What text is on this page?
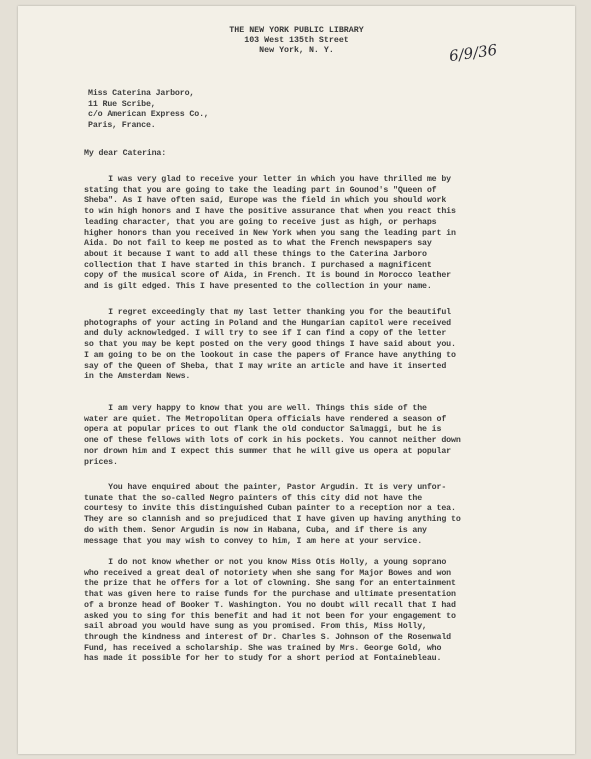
THE NEW YORK PUBLIC LIBRARY
103 West 135th Street
New York, N. Y.	6/9/36
Miss Caterina Jarboro,
11 Rue Scribe,
c/o American Express Co.,
Paris, France.
My dear Caterina:
I was very glad to receive your letter in which you have thrilled me by
stating that you are going to take the leading part in Gounod's "Queen of
Sheba". As I have often said, Europe was the field in which you should work
to win high honors and I have the positive assurance that when you react this
leading character, that you are going to receive just as high, or perhaps
higher honors than you received in New York when you sang the leading part in
Aida. Do not fail to keep me posted as to what the French newspapers say
about it because I want to add all these things to the Caterina Jarboro
collection that I have started in this branch. I purchased a magnificent
copy of the musical score of Aida, in French. It is bound in Morocco leather
and is gilt edged. This I have presented to the collection in your name.
I regret exceedingly that my last letter thanking you for the beautiful
photographs of your acting in Poland and the Hungarian capitol were received
and duly acknowledged. I will try to see if I can find a copy of the letter
so that you may be kept posted on the very good things I have said about you.
I am going to be on the lookout in case the papers of France have anything to
say of the Queen of Sheba, that I may write an article and have it inserted
in the Amsterdam News.
I am very happy to know that you are well. Things this side of the
water are quiet. The Metropolitan Opera officials have rendered a season of
opera at popular prices to out flank the old conductor Salmaggi, but he is
one of these fellows with lots of cork in his pockets. You cannot neither down
nor drown him and I expect this summer that he will give us opera at popular
prices.
You have enquired about the painter, Pastor Argudin. It is very unfor-
tunate that the so-called Negro painters of this city did not have the
courtesy to invite this distinguished Cuban painter to a reception nor a tea.
They are so clannish and so prejudiced that I have given up having anything to
do with them. Senor Argudin is now in Habana, Cuba, and if there is any
message that you may wish to convey to him, I am here at your service.
I do not know whether or not you know Miss Otis Holly, a young soprano
who received a great deal of notoriety when she sang for Major Bowes and won
the prize that he offers for a lot of clowning. She sang for an entertainment
that was given here to raise funds for the purchase and ultimate presentation
of a bronze head of Booker T. Washington. You no doubt will recall that I had
asked you to sing for this benefit and had it not been for your engagement to
sail abroad you would have sung as you promised. From this, Miss Holly,
through the kindness and interest of Dr. Charles S. Johnson of the Rosenwald
Fund, has received a scholarship. She was trained by Mrs. George Gold, who
has made it possible for her to study for a short period at Fontainebleau.
